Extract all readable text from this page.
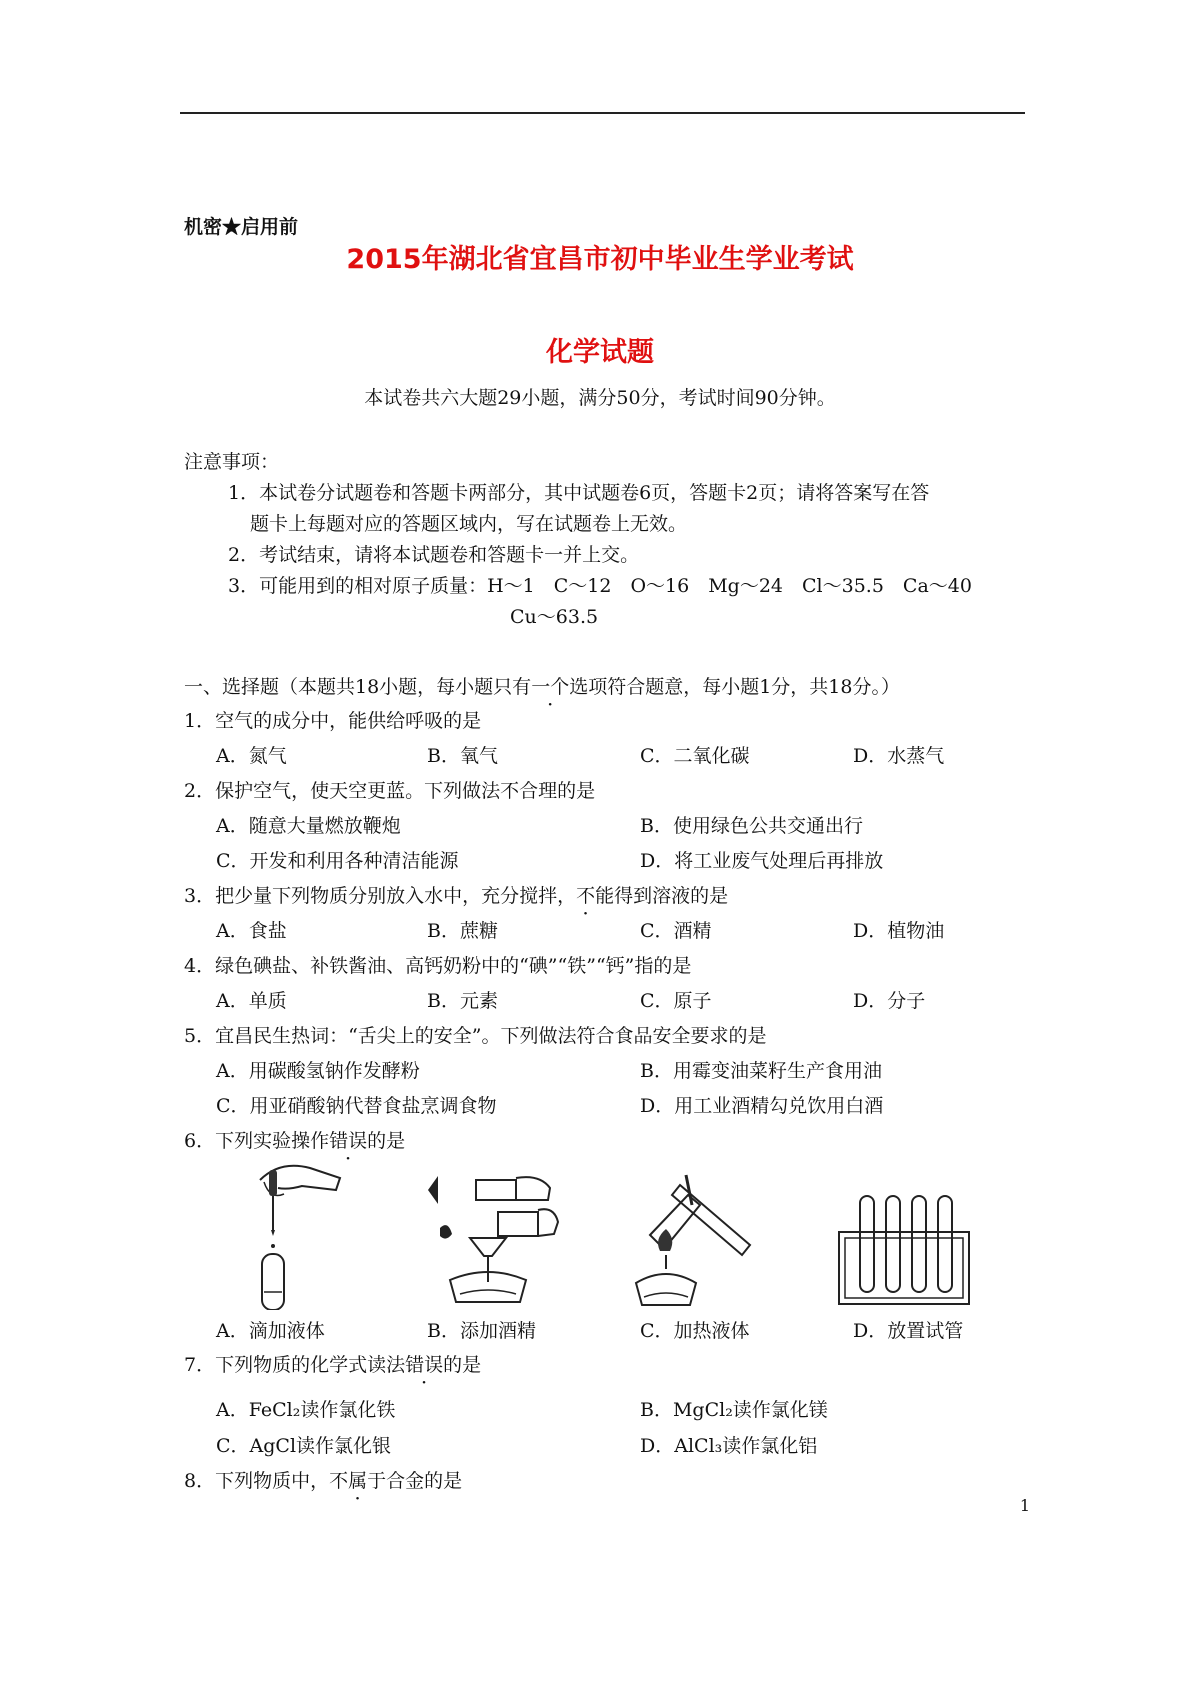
机密★启用前
2015年湖北省宜昌市初中毕业生学业考试
化学试题
本试卷共六大题29小题，满分50分，考试时间90分钟。
注意事项：
1．本试卷分试题卷和答题卡两部分，其中试题卷6页，答题卡2页；请将答案写在答
题卡上每题对应的答题区域内，写在试题卷上无效。
2．考试结束，请将本试题卷和答题卡一并上交。
3．可能用到的相对原子质量：H～1　C～12　O～16　Mg～24　Cl～35.5　Ca～40
Cu～63.5
一、选择题（本题共18小题，每小题只有一个选项符合题意，每小题1分，共18分。）
1．空气的成分中，能供给呼吸的是
A．氮气	B．氧气	C．二氧化碳	D．水蒸气
2．保护空气，使天空更蓝。下列做法不合理的是
A．随意大量燃放鞭炮	B．使用绿色公共交通出行
C．开发和利用各种清洁能源	D．将工业废气处理后再排放
3．把少量下列物质分别放入水中，充分搅拌，不能得到溶液的是
A．食盐	B．蔗糖	C．酒精	D．植物油
4．绿色碘盐、补铁酱油、高钙奶粉中的“碘”“铁”“钙”指的是
A．单质	B．元素	C．原子	D．分子
5．宜昌民生热词：“舌尖上的安全”。下列做法符合食品安全要求的是
A．用碳酸氢钠作发酵粉	B．用霉变油菜籽生产食用油
C．用亚硝酸钠代替食盐烹调食物	D．用工业酒精勾兑饮用白酒
6．下列实验操作错误的是
A．滴加液体	B．添加酒精	C．加热液体	D．放置试管
7．下列物质的化学式读法错误的是
A．FeCl₂读作氯化铁	B．MgCl₂读作氯化镁
C．AgCl读作氯化银	D．AlCl₃读作氯化铝
8．下列物质中，不属于合金的是
1
